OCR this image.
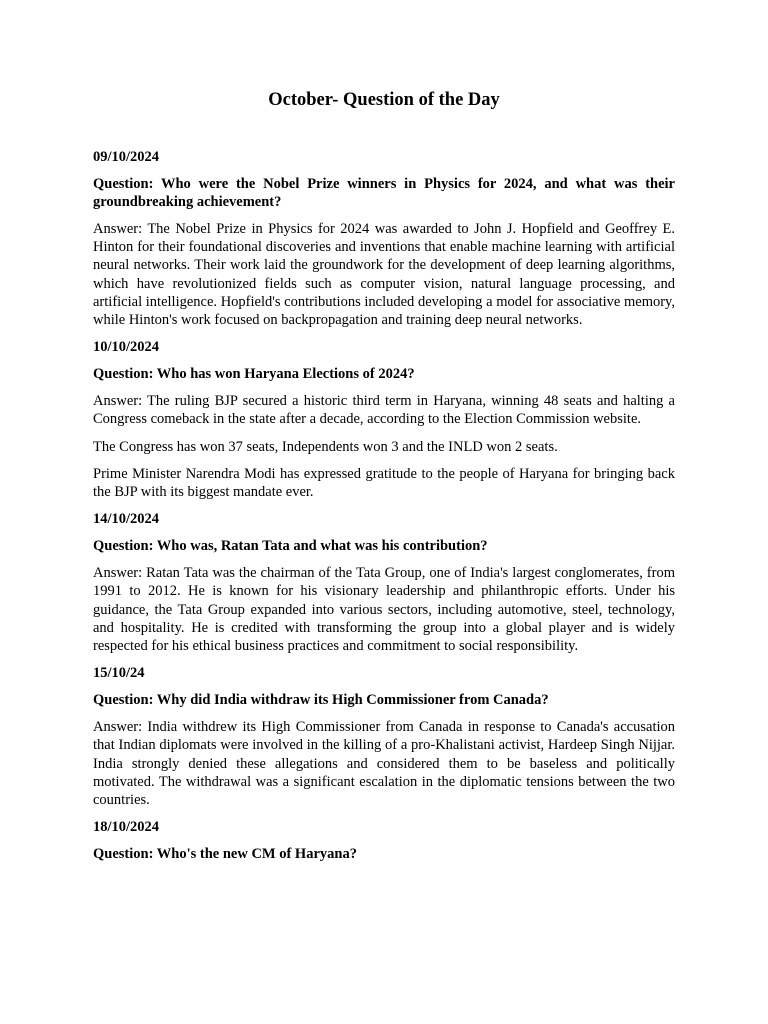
October- Question of the Day

09/10/2024

Question: Who were the Nobel Prize winners in Physics for 2024, and what was their groundbreaking achievement?

Answer: The Nobel Prize in Physics for 2024 was awarded to John J. Hopfield and Geoffrey E. Hinton for their foundational discoveries and inventions that enable machine learning with artificial neural networks. Their work laid the groundwork for the development of deep learning algorithms, which have revolutionized fields such as computer vision, natural language processing, and artificial intelligence. Hopfield's contributions included developing a model for associative memory, while Hinton's work focused on backpropagation and training deep neural networks.

10/10/2024

Question: Who has won Haryana Elections of 2024?

Answer: The ruling BJP secured a historic third term in Haryana, winning 48 seats and halting a Congress comeback in the state after a decade, according to the Election Commission website.

The Congress has won 37 seats, Independents won 3 and the INLD won 2 seats.

Prime Minister Narendra Modi has expressed gratitude to the people of Haryana for bringing back the BJP with its biggest mandate ever.

14/10/2024

Question: Who was, Ratan Tata and what was his contribution?

Answer: Ratan Tata was the chairman of the Tata Group, one of India's largest conglomerates, from 1991 to 2012. He is known for his visionary leadership and philanthropic efforts. Under his guidance, the Tata Group expanded into various sectors, including automotive, steel, technology, and hospitality. He is credited with transforming the group into a global player and is widely respected for his ethical business practices and commitment to social responsibility.

15/10/24

Question: Why did India withdraw its High Commissioner from Canada?

Answer: India withdrew its High Commissioner from Canada in response to Canada's accusation that Indian diplomats were involved in the killing of a pro-Khalistani activist, Hardeep Singh Nijjar. India strongly denied these allegations and considered them to be baseless and politically motivated. The withdrawal was a significant escalation in the diplomatic tensions between the two countries.

18/10/2024

Question: Who's the new CM of Haryana?
